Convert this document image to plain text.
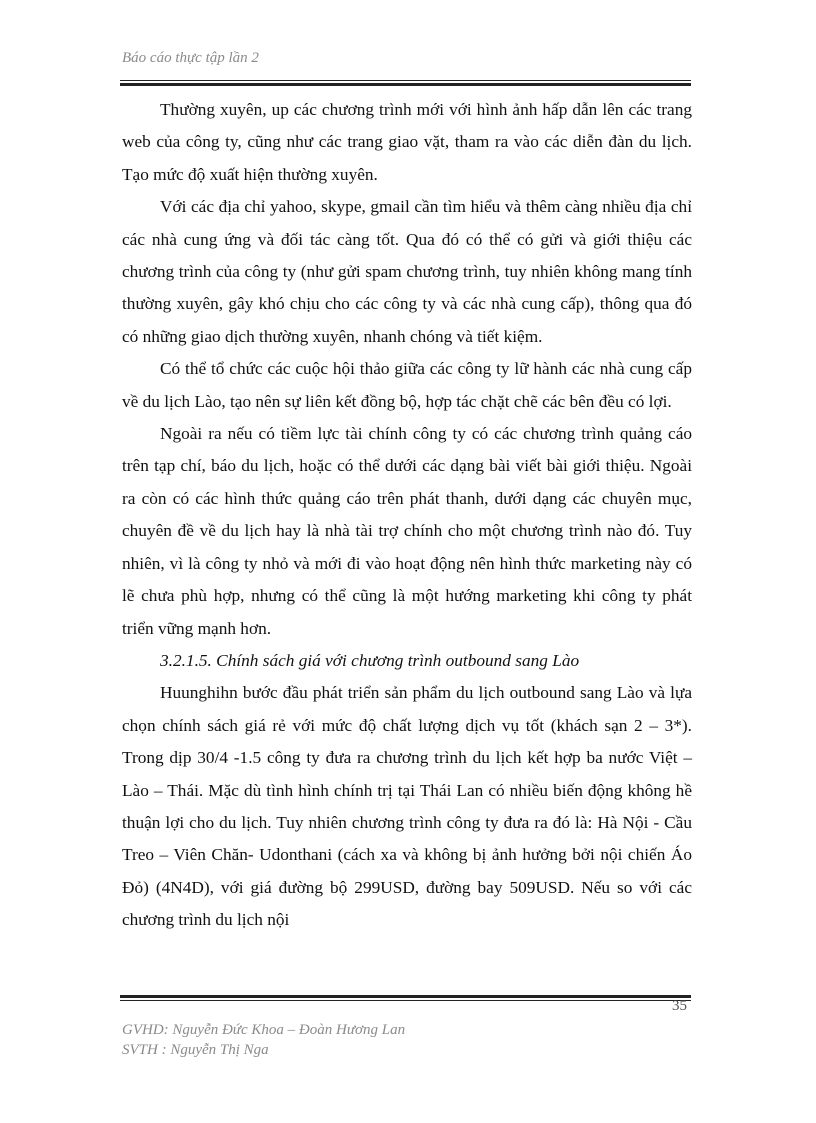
Báo cáo thực tập lần 2

Thường xuyên, up các chương trình mới với hình ảnh hấp dẫn lên các trang web của công ty, cũng như các trang giao vặt, tham ra vào các diễn đàn du lịch. Tạo mức độ xuất hiện thường xuyên.

Với các địa chỉ yahoo, skype, gmail cần tìm hiểu và thêm càng nhiều địa chỉ các nhà cung ứng và đối tác càng tốt. Qua đó có thể có gửi và giới thiệu các chương trình của công ty (như gửi spam chương trình, tuy nhiên không mang tính thường xuyên, gây khó chịu cho các công ty và các nhà cung cấp), thông qua đó có những giao dịch thường xuyên, nhanh chóng và tiết kiệm.

Có thể tổ chức các cuộc hội thảo giữa các công ty lữ hành các nhà cung cấp về du lịch Lào, tạo nên sự liên kết đồng bộ, hợp tác chặt chẽ các bên đều có lợi.

Ngoài ra nếu có tiềm lực tài chính công ty có các chương trình quảng cáo trên tạp chí, báo du lịch, hoặc có thể dưới các dạng bài viết bài giới thiệu. Ngoài ra còn có các hình thức quảng cáo trên phát thanh, dưới dạng các chuyên mục, chuyên đề về du lịch hay là nhà tài trợ chính cho một chương trình nào đó. Tuy nhiên, vì là công ty nhỏ và mới đi vào hoạt động nên hình thức marketing này có lẽ chưa phù hợp, nhưng có thể cũng là một hướng marketing khi công ty phát triển vững mạnh hơn.

3.2.1.5. Chính sách giá với chương trình outbound sang Lào

Huunghihn bước đầu phát triển sản phẩm du lịch outbound sang Lào và lựa chọn chính sách giá rẻ với mức độ chất lượng dịch vụ tốt (khách sạn 2 – 3*). Trong dịp 30/4 -1.5 công ty đưa ra chương trình du lịch kết hợp ba nước Việt – Lào – Thái. Mặc dù tình hình chính trị tại Thái Lan có nhiều biến động không hề thuận lợi cho du lịch. Tuy nhiên chương trình công ty đưa ra đó là: Hà Nội - Cầu Treo – Viên Chăn- Udonthani (cách xa và không bị ảnh hưởng bởi nội chiến Áo Đỏ) (4N4D), với giá đường bộ 299USD, đường bay 509USD. Nếu so với các chương trình du lịch nội

35
GVHD: Nguyễn Đức Khoa – Đoàn Hương Lan
SVTH : Nguyễn Thị Nga
